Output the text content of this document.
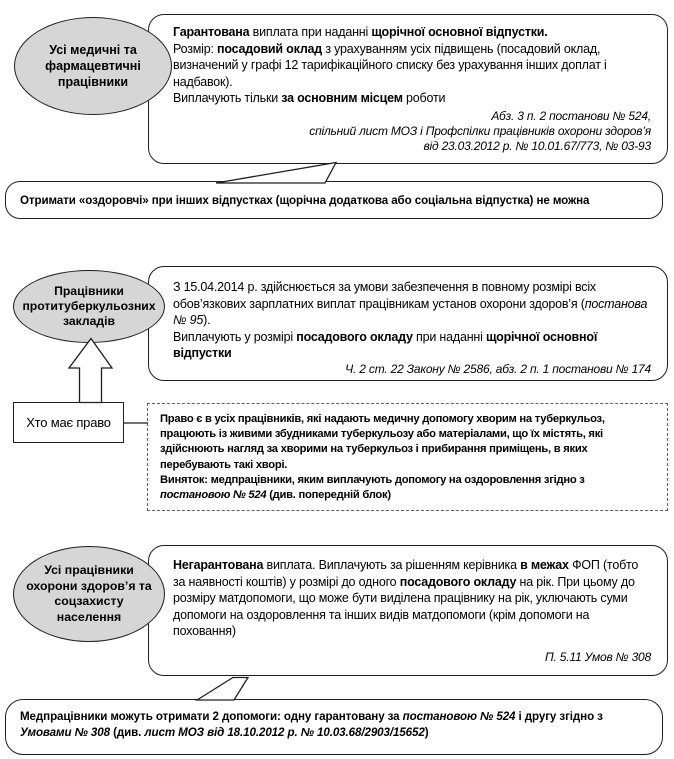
Гарантована виплата при наданні щорічної основної відпустки.
Розмір: посадовий оклад з урахуванням усіх підвищень (посадовий оклад, визначений у графі 12 тарифікаційного списку без урахування інших доплат і надбавок).
Виплачують тільки за основним місцем роботи
Абз. 3 п. 2 постанови № 524,
спільний лист МОЗ і Профспілки працівників охорони здоров’я
від 23.03.2012 р. № 10.01.67/773, № 03-93
Усі медичні та фармацевтичні працівники
Отримати «оздоровчі» при інших відпустках (щорічна додаткова або соціальна відпустка) не можна
З 15.04.2014 р. здійснюється за умови забезпечення в повному розмірі всіх обов’язкових зарплатних виплат працівникам установ охорони здоров’я (постанова № 95).
Виплачують у розмірі посадового окладу при наданні щорічної основної відпустки
Ч. 2 ст. 22 Закону № 2586, абз. 2 п. 1 постанови № 174
Працівники протитуберкульозних закладів
Хто має право	Право є в усіх працівників, які надають медичну допомогу хворим на туберкульоз, працюють із живими збудниками туберкульозу або матеріалами, що їх містять, які здійснюють нагляд за хворими на туберкульоз і прибирання приміщень, в яких перебувають такі хворі.
Виняток: медпрацівники, яким виплачують допомогу на оздоровлення згідно з постановою № 524 (див. попередній блок)
Негарантована виплата. Виплачують за рішенням керівника в межах ФОП (тобто за наявності коштів) у розмірі до одного посадового окладу на рік. При цьому до розміру матдопомоги, що може бути виділена працівнику на рік, уключають суми допомоги на оздоровлення та інших видів матдопомоги (крім допомоги на поховання)
П. 5.11 Умов № 308
Усі працівники охорони здоров’я та соцзахисту населення
Медпрацівники можуть отримати 2 допомоги: одну гарантовану за постановою № 524 і другу згідно з Умовами № 308 (див. лист МОЗ від 18.10.2012 р. № 10.03.68/2903/15652)
